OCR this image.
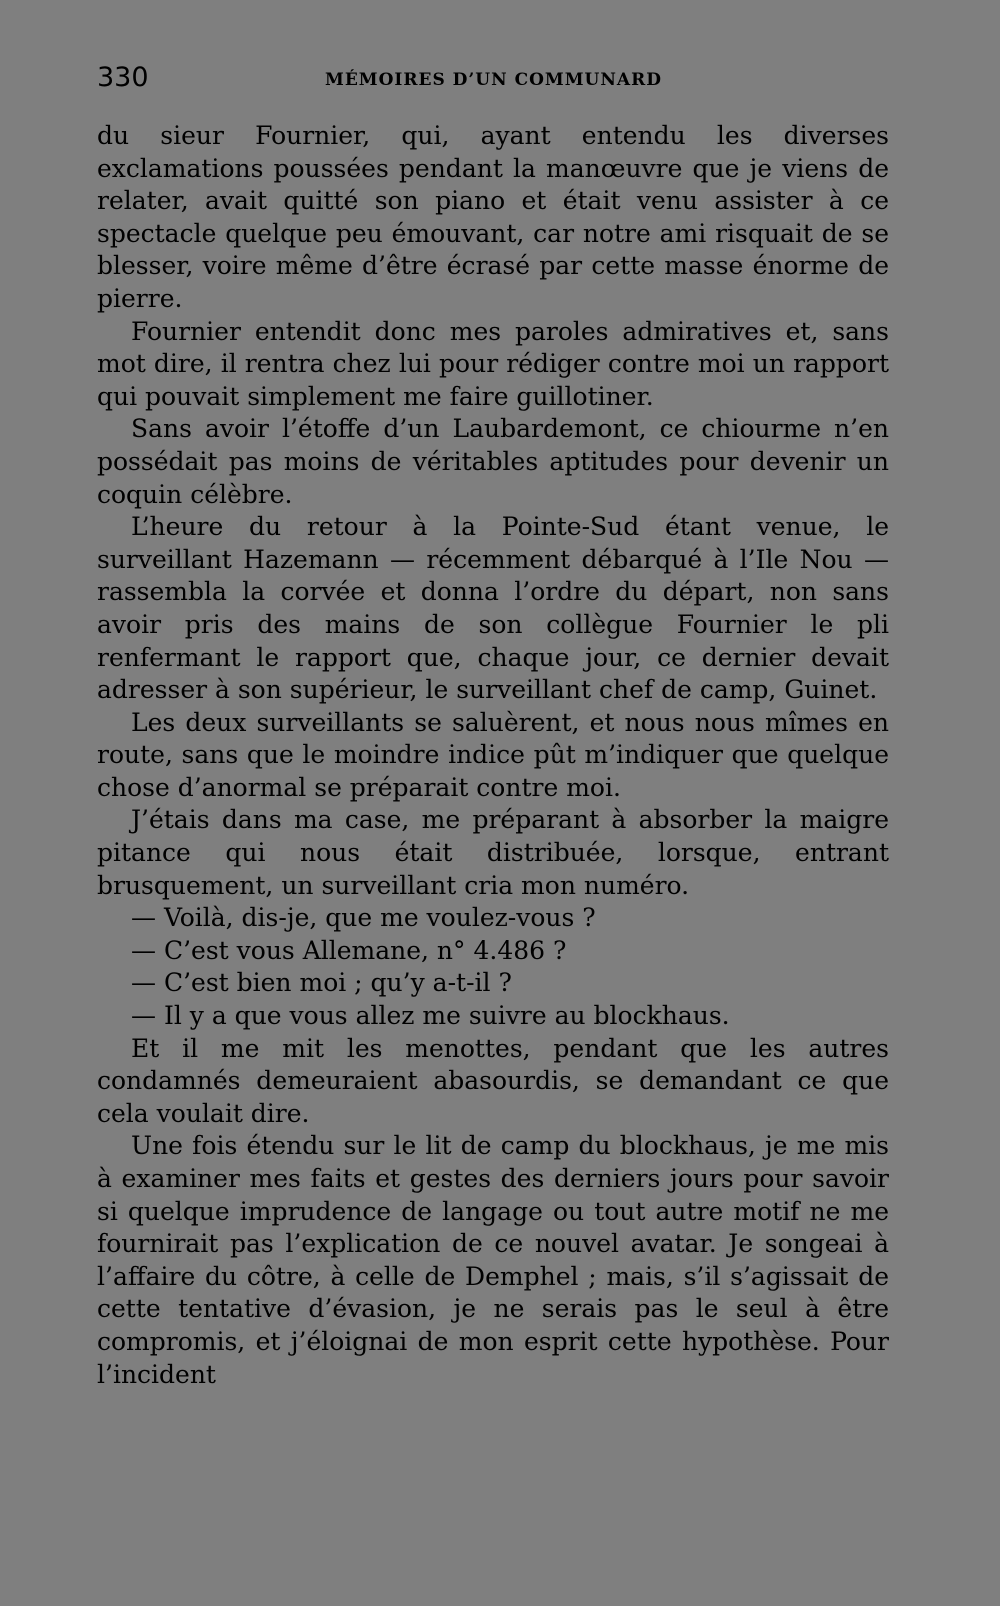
330	MÉMOIRES D’UN COMMUNARD

du sieur Fournier, qui, ayant entendu les diverses exclamations poussées pendant la manœuvre que je viens de relater, avait quitté son piano et était venu assister à ce spectacle quelque peu émouvant, car notre ami risquait de se blesser, voire même d’être écrasé par cette masse énorme de pierre.

Fournier entendit donc mes paroles admiratives et, sans mot dire, il rentra chez lui pour rédiger contre moi un rapport qui pouvait simplement me faire guillotiner.

Sans avoir l’étoffe d’un Laubardemont, ce chiourme n’en possédait pas moins de véritables aptitudes pour devenir un coquin célèbre.

L’heure du retour à la Pointe-Sud étant venue, le surveillant Hazemann — récemment débarqué à l’Ile Nou — rassembla la corvée et donna l’ordre du départ, non sans avoir pris des mains de son collègue Fournier le pli renfermant le rapport que, chaque jour, ce dernier devait adresser à son supérieur, le surveillant chef de camp, Guinet.

Les deux surveillants se saluèrent, et nous nous mîmes en route, sans que le moindre indice pût m’indiquer que quelque chose d’anormal se préparait contre moi.

J’étais dans ma case, me préparant à absorber la maigre pitance qui nous était distribuée, lorsque, entrant brusquement, un surveillant cria mon numéro.

— Voilà, dis-je, que me voulez-vous ?

— C’est vous Allemane, n° 4.486 ?

— C’est bien moi ; qu’y a-t-il ?

— Il y a que vous allez me suivre au blockhaus.

Et il me mit les menottes, pendant que les autres condamnés demeuraient abasourdis, se demandant ce que cela voulait dire.

Une fois étendu sur le lit de camp du blockhaus, je me mis à examiner mes faits et gestes des derniers jours pour savoir si quelque imprudence de langage ou tout autre motif ne me fournirait pas l’explication de ce nouvel avatar. Je songeai à l’affaire du côtre, à celle de Demphel ; mais, s’il s’agissait de cette tentative d’évasion, je ne serais pas le seul à être compromis, et j’éloignai de mon esprit cette hypothèse. Pour l’incident
